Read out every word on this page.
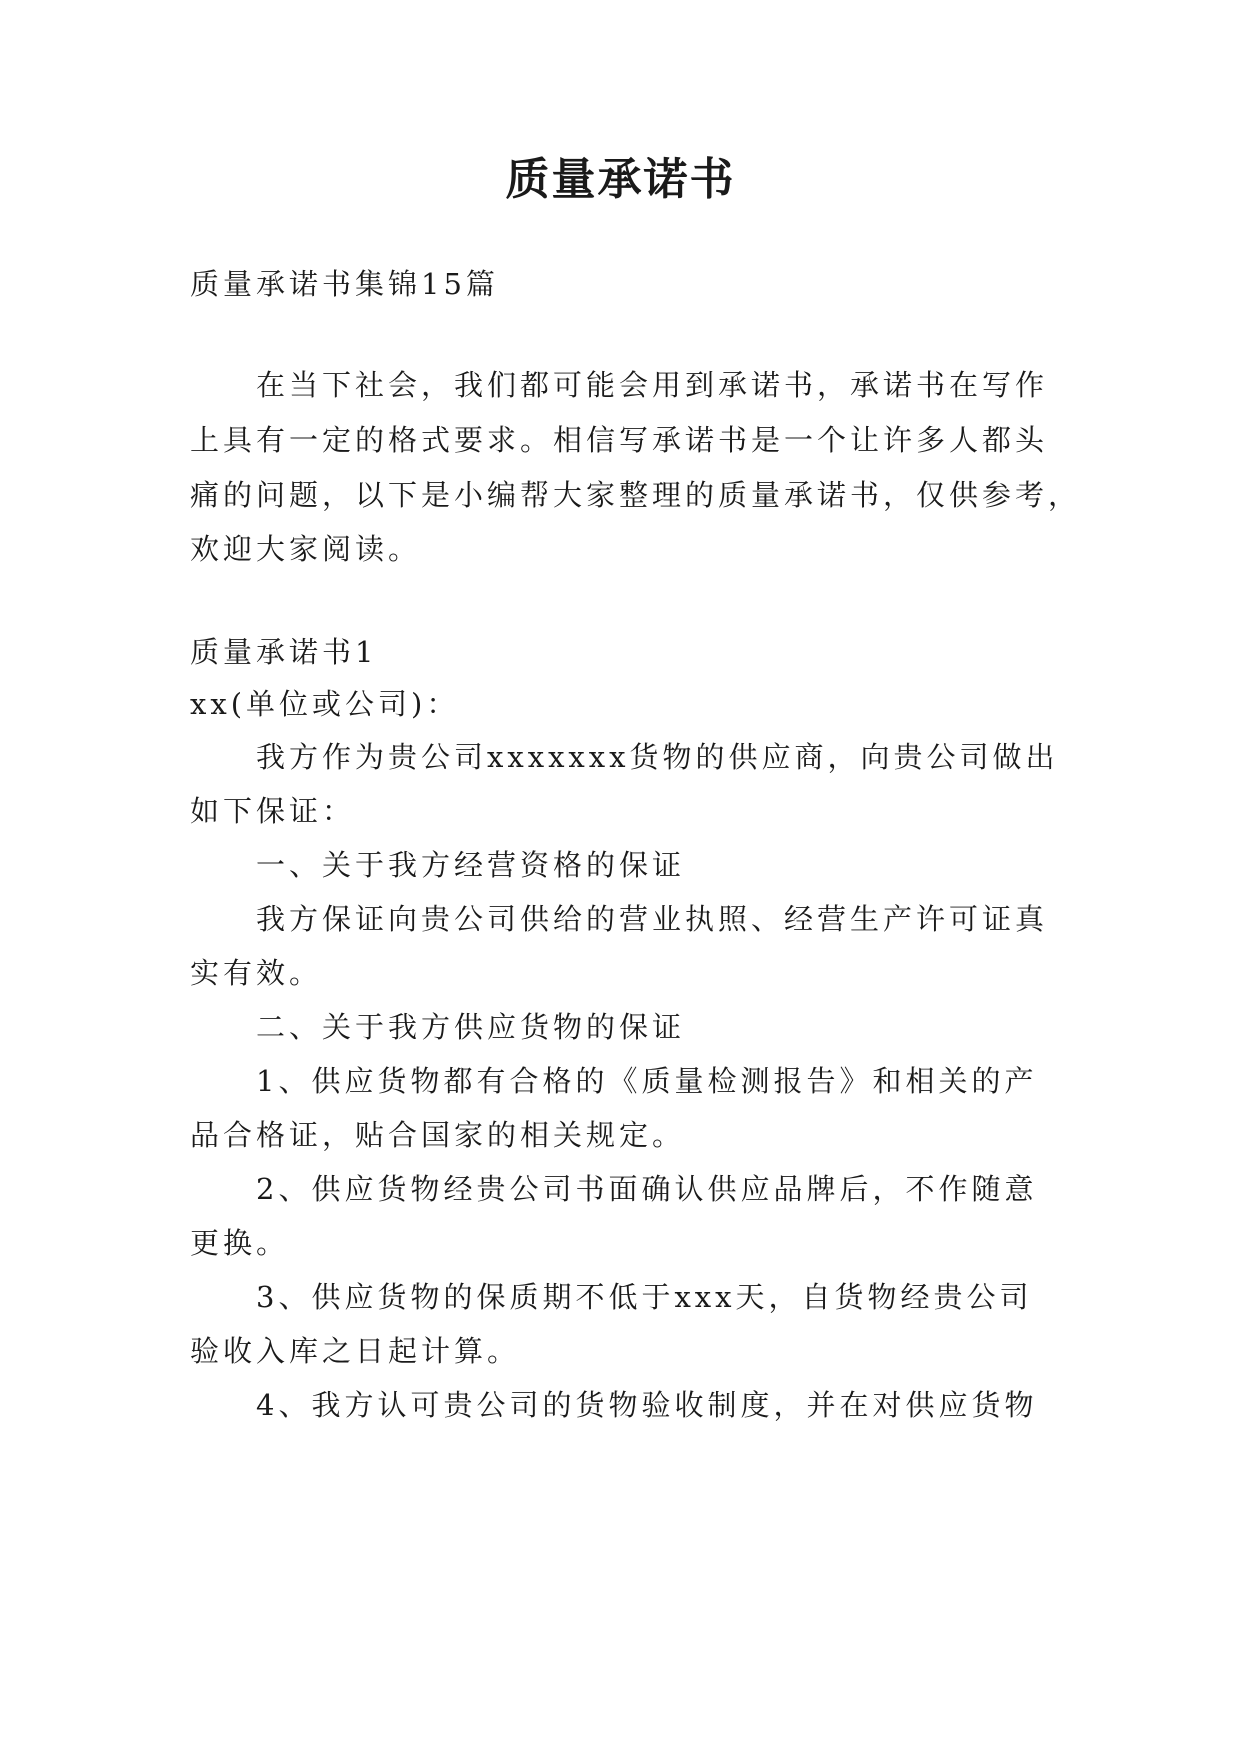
质量承诺书
质量承诺书集锦15篇
在当下社会，我们都可能会用到承诺书，承诺书在写作
上具有一定的格式要求。相信写承诺书是一个让许多人都头
痛的问题，以下是小编帮大家整理的质量承诺书，仅供参考，
欢迎大家阅读。
质量承诺书1
xx(单位或公司)：
我方作为贵公司xxxxxxx货物的供应商，向贵公司做出
如下保证：
一、关于我方经营资格的保证
我方保证向贵公司供给的营业执照、经营生产许可证真
实有效。
二、关于我方供应货物的保证
1、供应货物都有合格的《质量检测报告》和相关的产
品合格证，贴合国家的相关规定。
2、供应货物经贵公司书面确认供应品牌后，不作随意
更换。
3、供应货物的保质期不低于xxx天，自货物经贵公司
验收入库之日起计算。
4、我方认可贵公司的货物验收制度，并在对供应货物
